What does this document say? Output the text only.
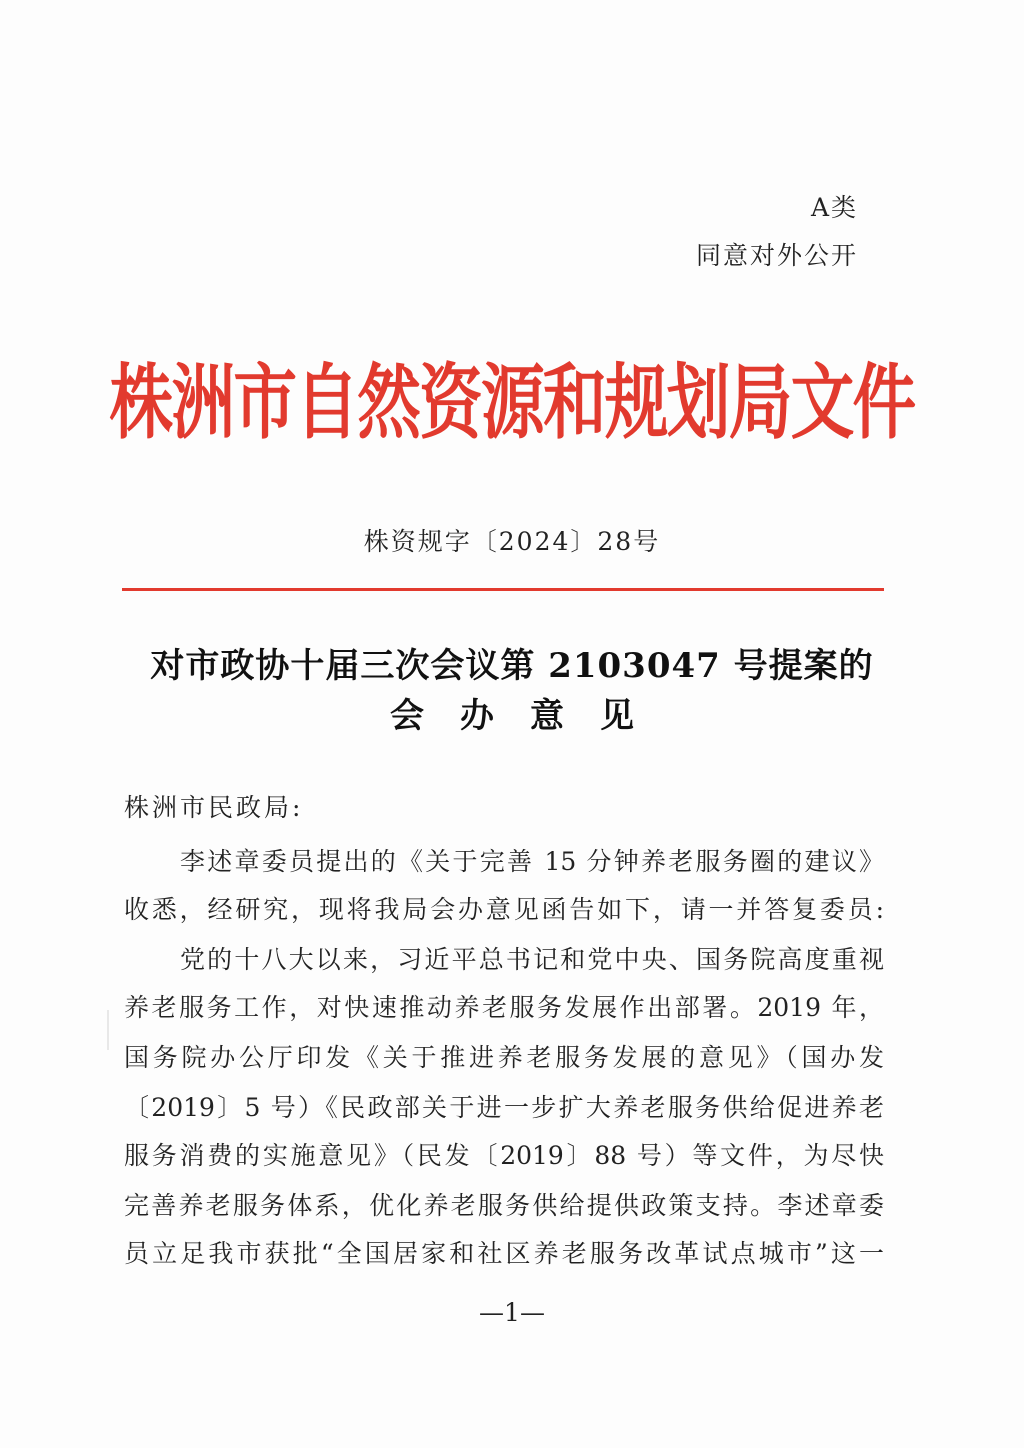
A类
同意对外公开
株洲市自然资源和规划局文件
株资规字〔2024〕28号
对市政协十届三次会议第 2103047 号提案的
会办意见
株洲市民政局:
李述章委员提出的《关于完善 15 分钟养老服务圈的建议》
收悉，经研究，现将我局会办意见函告如下，请一并答复委员:
党的十八大以来，习近平总书记和党中央、国务院高度重视
养老服务工作，对快速推动养老服务发展作出部署。2019 年，
国务院办公厅印发《关于推进养老服务发展的意见》（国办发
〔2019〕5 号）《民政部关于进一步扩大养老服务供给促进养老
服务消费的实施意见》（民发〔2019〕88 号）等文件，为尽快
完善养老服务体系，优化养老服务供给提供政策支持。李述章委
员立足我市获批“全国居家和社区养老服务改革试点城市”这一
—1—
